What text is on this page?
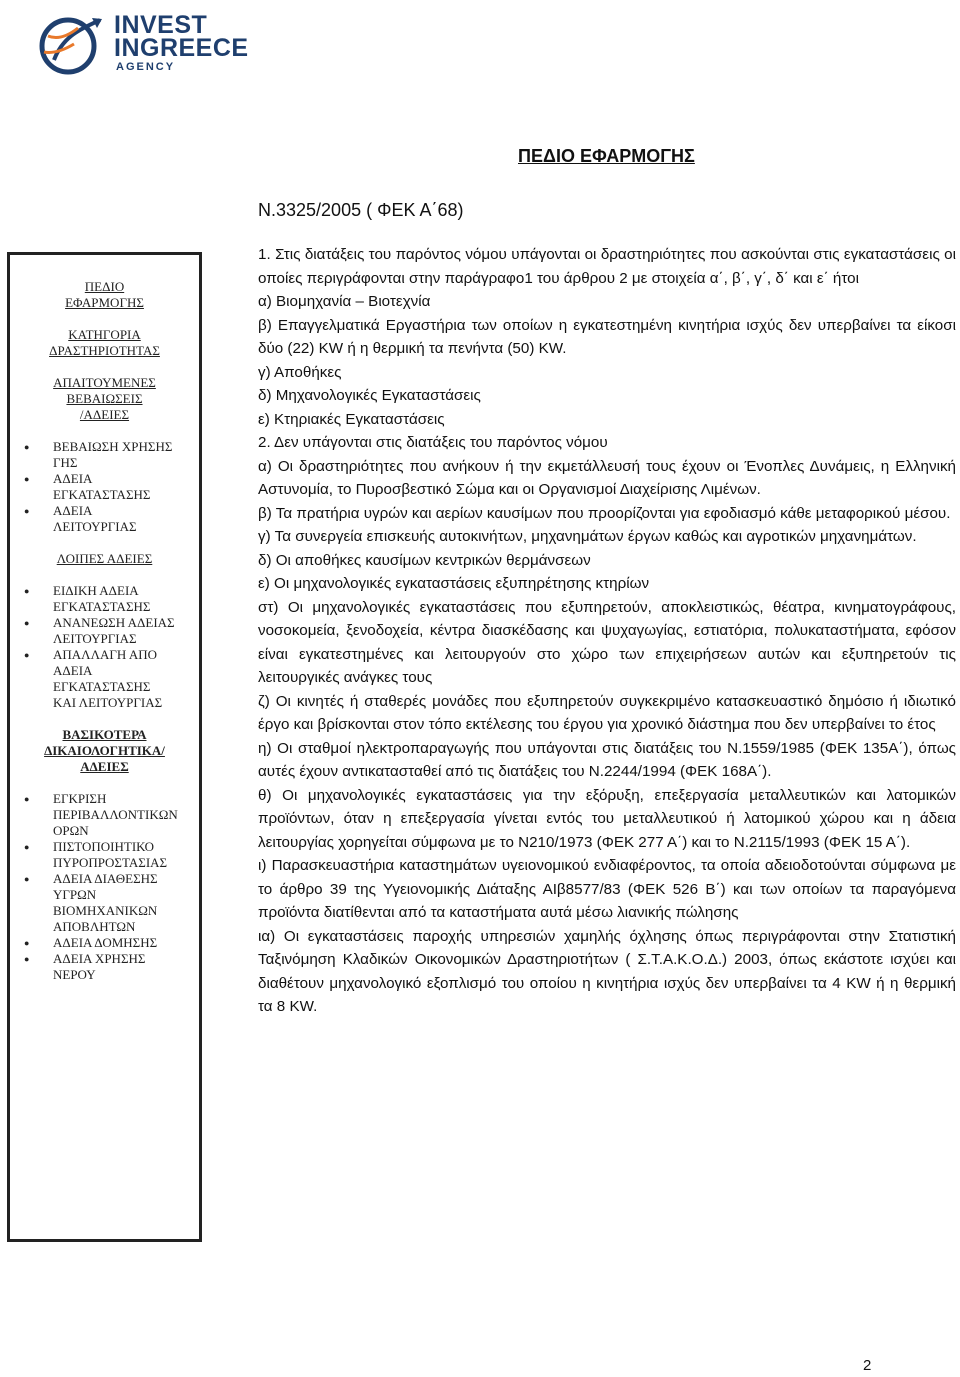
INVEST
INGREECE
AGENCY
ΠΕΔΙΟ ΕΦΑΡΜΟΓΗΣ
Ν.3325/2005 ( ΦΕΚ Α΄68)
ΠΕΔΙΟ
ΕΦΑΡΜΟΓΗΣ
ΚΑΤΗΓΟΡΙΑ
ΔΡΑΣΤΗΡΙΟΤΗΤΑΣ
ΑΠΑΙΤΟΥΜΕΝΕΣ
ΒΕΒΑΙΩΣΕΙΣ
/ΑΔΕΙΕΣ
● ΒΕΒΑΙΩΣΗ ΧΡΗΣΗΣ
ΓΗΣ
● ΑΔΕΙΑ
ΕΓΚΑΤΑΣΤΑΣΗΣ
● ΑΔΕΙΑ
ΛΕΙΤΟΥΡΓΙΑΣ
ΛΟΙΠΕΣ ΑΔΕΙΕΣ
● ΕΙΔΙΚΗ ΑΔΕΙΑ
ΕΓΚΑΤΑΣΤΑΣΗΣ
● ΑΝΑΝΕΩΣΗ ΑΔΕΙΑΣ
ΛΕΙΤΟΥΡΓΙΑΣ
● ΑΠΑΛΛΑΓΗ ΑΠΟ
ΑΔΕΙΑ
ΕΓΚΑΤΑΣΤΑΣΗΣ
ΚΑΙ ΛΕΙΤΟΥΡΓΙΑΣ
ΒΑΣΙΚΟΤΕΡΑ
ΔΙΚΑΙΟΛΟΓΗΤΙΚΑ/
ΑΔΕΙΕΣ
● ΕΓΚΡΙΣΗ
ΠΕΡΙΒΑΛΛΟΝΤΙΚΩΝ
ΟΡΩΝ
● ΠΙΣΤΟΠΟΙΗΤΙΚΟ
ΠΥΡΟΠΡΟΣΤΑΣΙΑΣ
● ΑΔΕΙΑ ΔΙΑΘΕΣΗΣ
ΥΓΡΩΝ
ΒΙΟΜΗΧΑΝΙΚΩΝ
ΑΠΟΒΛΗΤΩΝ
● ΑΔΕΙΑ ΔΟΜΗΣΗΣ
● ΑΔΕΙΑ ΧΡΗΣΗΣ
ΝΕΡΟΥ

1. Στις διατάξεις του παρόντος νόμου υπάγονται οι δραστηριότητες που ασκούνται στις εγκαταστάσεις οι οποίες περιγράφονται στην παράγραφο1 του άρθρου 2 με στοιχεία α΄, β΄, γ΄, δ΄ και ε΄ ήτοι

α) Βιομηχανία – Βιοτεχνία

β) Επαγγελματικά Εργαστήρια των οποίων η εγκατεστημένη κινητήρια ισχύς δεν υπερβαίνει τα είκοσι δύο (22) KW ή η θερμική τα πενήντα (50) KW.

γ) Αποθήκες

δ) Μηχανολογικές Εγκαταστάσεις

ε) Κτηριακές Εγκαταστάσεις

2. Δεν υπάγονται στις διατάξεις του παρόντος νόμου

α) Οι δραστηριότητες που ανήκουν ή την εκμετάλλευσή τους έχουν οι Ένοπλες Δυνάμεις, η Ελληνική Αστυνομία, το Πυροσβεστικό Σώμα και οι Οργανισμοί Διαχείρισης Λιμένων.

β) Τα πρατήρια υγρών και αερίων καυσίμων που προορίζονται για εφοδιασμό κάθε μεταφορικού μέσου.

γ) Τα συνεργεία επισκευής αυτοκινήτων, μηχανημάτων έργων καθώς και αγροτικών μηχανημάτων.

δ) Οι αποθήκες καυσίμων κεντρικών θερμάνσεων

ε) Οι μηχανολογικές εγκαταστάσεις εξυπηρέτησης κτηρίων

στ) Οι μηχανολογικές εγκαταστάσεις που εξυπηρετούν, αποκλειστικώς, θέατρα, κινηματογράφους, νοσοκομεία, ξενοδοχεία, κέντρα διασκέδασης και ψυχαγωγίας, εστιατόρια, πολυκαταστήματα, εφόσον είναι εγκατεστημένες και λειτουργούν στο χώρο των επιχειρήσεων αυτών και εξυπηρετούν τις λειτουργικές ανάγκες τους

ζ) Οι κινητές ή σταθερές μονάδες που εξυπηρετούν συγκεκριμένο κατασκευαστικό δημόσιο ή ιδιωτικό έργο και βρίσκονται στον τόπο εκτέλεσης του έργου για χρονικό διάστημα που δεν υπερβαίνει το έτος

η) Οι σταθμοί ηλεκτροπαραγωγής που υπάγονται στις διατάξεις του Ν.1559/1985 (ΦΕΚ 135Α΄), όπως αυτές έχουν αντικατασταθεί από τις διατάξεις του Ν.2244/1994 (ΦΕΚ 168Α΄).

θ) Οι μηχανολογικές εγκαταστάσεις για την εξόρυξη, επεξεργασία μεταλλευτικών και λατομικών προϊόντων, όταν η επεξεργασία γίνεται εντός του μεταλλευτικού ή λατομικού χώρου και η άδεια λειτουργίας χορηγείται σύμφωνα με το Ν210/1973 (ΦΕΚ 277 Α΄) και το Ν.2115/1993 (ΦΕΚ 15 Α΄).

ι) Παρασκευαστήρια καταστημάτων υγειονομικού ενδιαφέροντος, τα οποία αδειοδοτούνται σύμφωνα με το άρθρο 39 της Υγειονομικής Διάταξης ΑΙβ8577/83 (ΦΕΚ 526 Β΄) και των οποίων τα παραγόμενα προϊόντα διατίθενται από τα καταστήματα αυτά μέσω λιανικής πώλησης

ια) Οι εγκαταστάσεις παροχής υπηρεσιών χαμηλής όχλησης όπως περιγράφονται στην Στατιστική Ταξινόμηση Κλαδικών Οικονομικών Δραστηριοτήτων ( Σ.Τ.Α.Κ.Ο.Δ.) 2003, όπως εκάστοτε ισχύει και διαθέτουν μηχανολογικό εξοπλισμό του οποίου η κινητήρια ισχύς δεν υπερβαίνει τα 4 KW ή η θερμική τα 8 KW.

2
